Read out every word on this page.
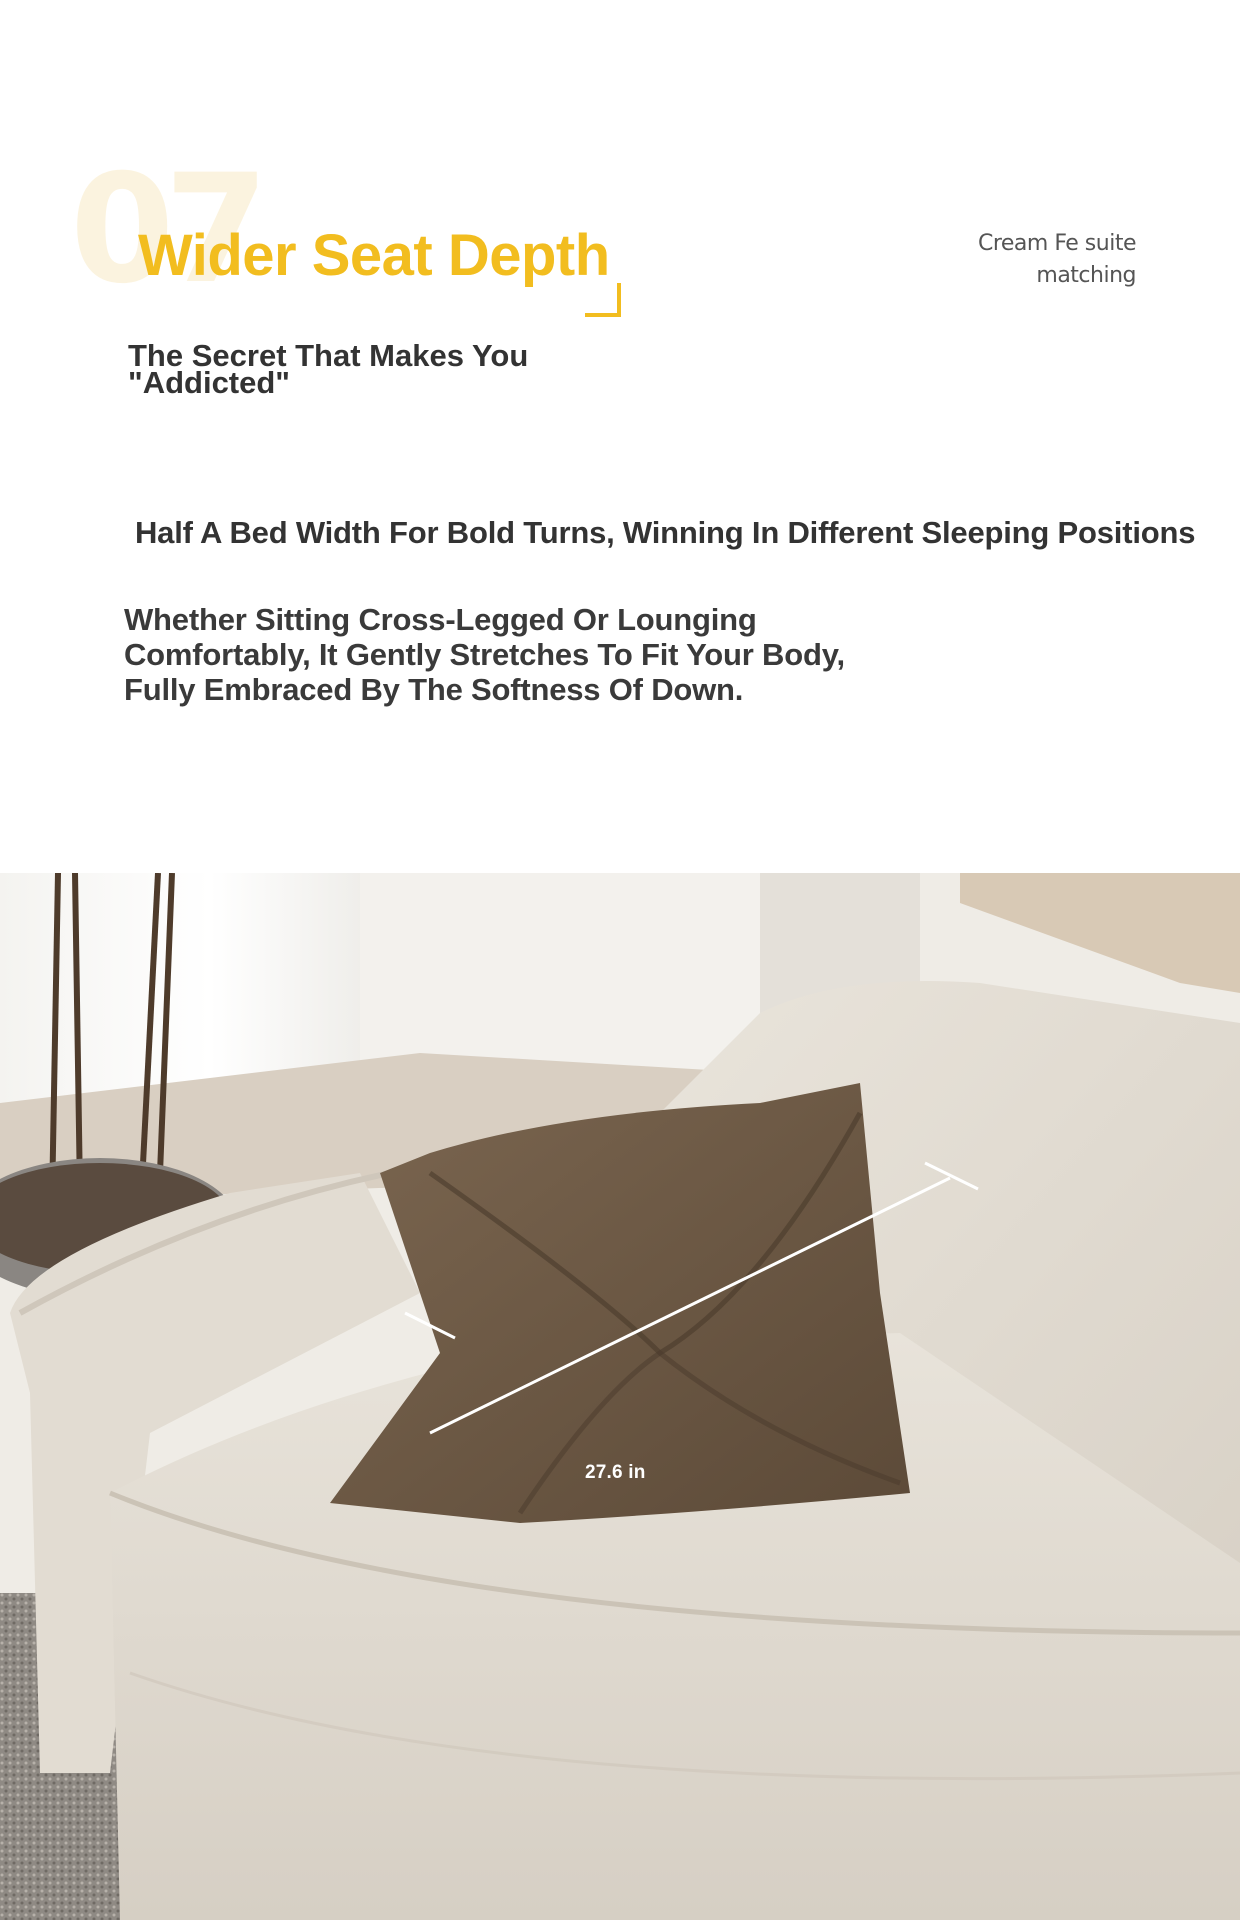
07
Wider Seat Depth	Cream Fe suite
matching
The Secret That Makes You
"Addicted"
Half A Bed Width For Bold Turns, Winning In Different Sleeping Positions
Whether Sitting Cross-Legged Or Lounging
Comfortably, It Gently Stretches To Fit Your Body,
Fully Embraced By The Softness Of Down.
27.6 in
